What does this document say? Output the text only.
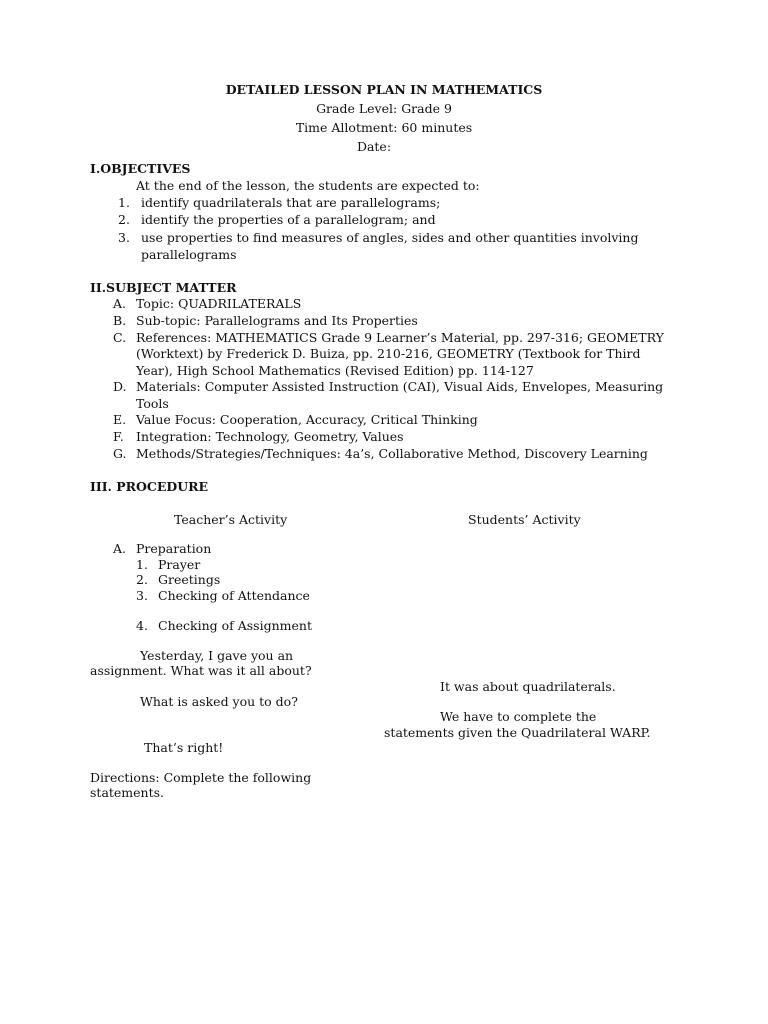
DETAILED LESSON PLAN IN MATHEMATICS
Grade Level: Grade 9
Time Allotment: 60 minutes
Date:
I.OBJECTIVES
At the end of the lesson, the students are expected to:
1. identify quadrilaterals that are parallelograms;
2. identify the properties of a parallelogram; and
3. use properties to find measures of angles, sides and other quantities involving
parallelograms
II.SUBJECT MATTER
A. Topic: QUADRILATERALS
B. Sub-topic: Parallelograms and Its Properties
C. References: MATHEMATICS Grade 9 Learner’s Material, pp. 297-316; GEOMETRY
(Worktext) by Frederick D. Buiza, pp. 210-216, GEOMETRY (Textbook for Third
Year), High School Mathematics (Revised Edition) pp. 114-127
D. Materials: Computer Assisted Instruction (CAI), Visual Aids, Envelopes, Measuring
Tools
E. Value Focus: Cooperation, Accuracy, Critical Thinking
F. Integration: Technology, Geometry, Values
G. Methods/Strategies/Techniques: 4a’s, Collaborative Method, Discovery Learning
III. PROCEDURE
Teacher’s Activity	Students’ Activity
A. Preparation
1. Prayer
2. Greetings
3. Checking of Attendance
4. Checking of Assignment
Yesterday, I gave you an
assignment. What was it all about?
It was about quadrilaterals.
What is asked you to do?
We have to complete the
statements given the Quadrilateral WARP.
That’s right!
Directions: Complete the following
statements.
